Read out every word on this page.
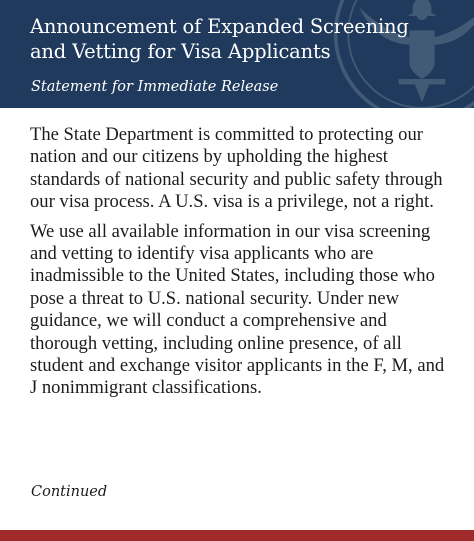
Announcement of Expanded Screening and Vetting for Visa Applicants

Statement for Immediate Release

The State Department is committed to protecting our nation and our citizens by upholding the highest standards of national security and public safety through our visa process. A U.S. visa is a privilege, not a right.

We use all available information in our visa screening and vetting to identify visa applicants who are inadmissible to the United States, including those who pose a threat to U.S. national security. Under new guidance, we will conduct a comprehensive and thorough vetting, including online presence, of all student and exchange visitor applicants in the F, M, and J nonimmigrant classifications.

Continued
